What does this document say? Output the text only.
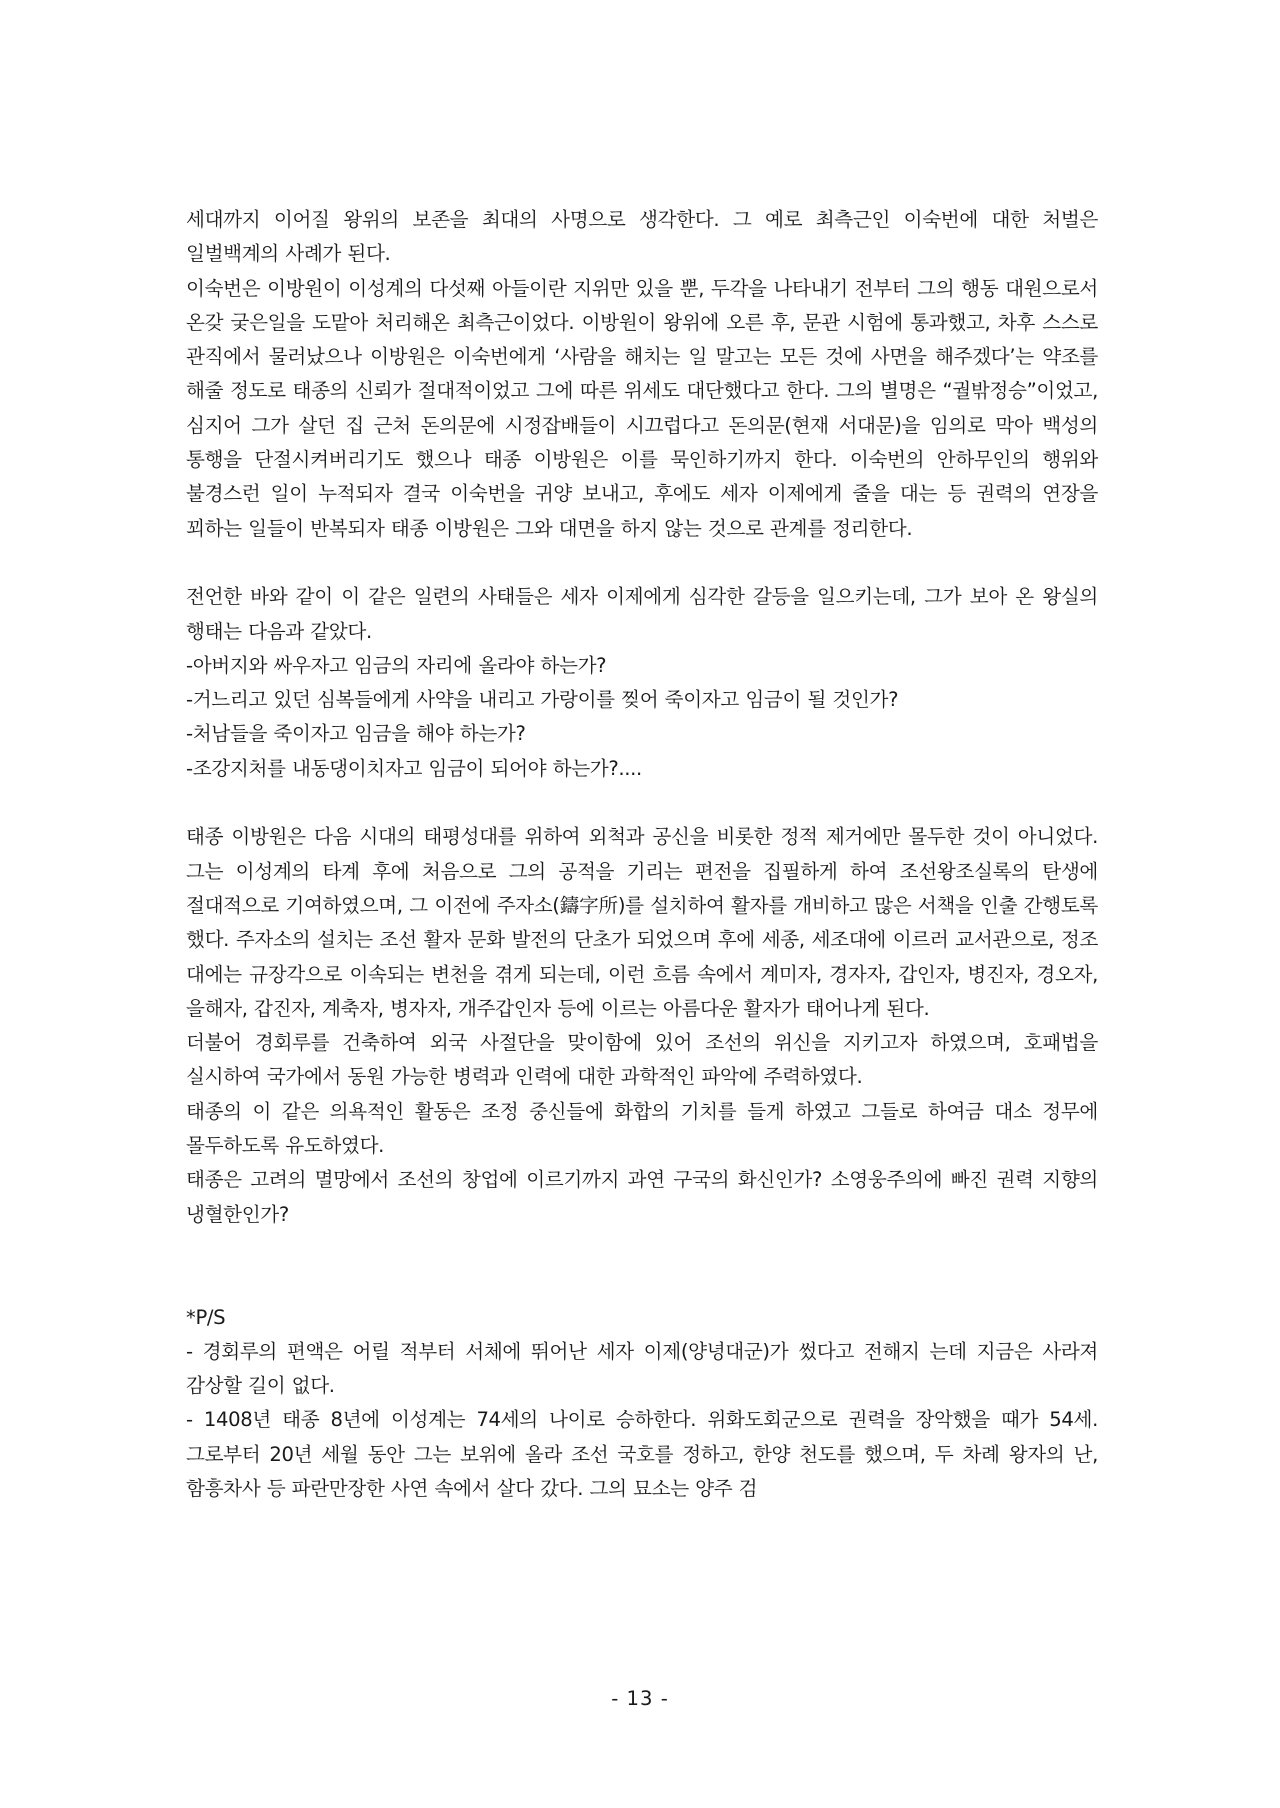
세대까지 이어질 왕위의 보존을 최대의 사명으로 생각한다. 그 예로 최측근인 이숙번에 대한 처벌은 일벌백계의 사례가 된다.

이숙번은 이방원이 이성계의 다섯째 아들이란 지위만 있을 뿐, 두각을 나타내기 전부터 그의 행동 대원으로서 온갖 궂은일을 도맡아 처리해온 최측근이었다. 이방원이 왕위에 오른 후, 문관 시험에 통과했고, 차후 스스로 관직에서 물러났으나 이방원은 이숙번에게 ‘사람을 해치는 일 말고는 모든 것에 사면을 해주겠다’는 약조를 해줄 정도로 태종의 신뢰가 절대적이었고 그에 따른 위세도 대단했다고 한다. 그의 별명은 “궐밖정승”이었고, 심지어 그가 살던 집 근처 돈의문에 시정잡배들이 시끄럽다고 돈의문(현재 서대문)을 임의로 막아 백성의 통행을 단절시켜버리기도 했으나 태종 이방원은 이를 묵인하기까지 한다. 이숙번의 안하무인의 행위와 불경스런 일이 누적되자 결국 이숙번을 귀양 보내고, 후에도 세자 이제에게 줄을 대는 등 권력의 연장을 꾀하는 일들이 반복되자 태종 이방원은 그와 대면을 하지 않는 것으로 관계를 정리한다.

전언한 바와 같이 이 같은 일련의 사태들은 세자 이제에게 심각한 갈등을 일으키는데, 그가 보아 온 왕실의 행태는 다음과 같았다.

-아버지와 싸우자고 임금의 자리에 올라야 하는가?

-거느리고 있던 심복들에게 사약을 내리고 가랑이를 찢어 죽이자고 임금이 될 것인가?

-처남들을 죽이자고 임금을 해야 하는가?

-조강지처를 내동댕이치자고 임금이 되어야 하는가?....

태종 이방원은 다음 시대의 태평성대를 위하여 외척과 공신을 비롯한 정적 제거에만 몰두한 것이 아니었다. 그는 이성계의 타계 후에 처음으로 그의 공적을 기리는 편전을 집필하게 하여 조선왕조실록의 탄생에 절대적으로 기여하였으며, 그 이전에 주자소(鑄字所)를 설치하여 활자를 개비하고 많은 서책을 인출 간행토록 했다. 주자소의 설치는 조선 활자 문화 발전의 단초가 되었으며 후에 세종, 세조대에 이르러 교서관으로, 정조 대에는 규장각으로 이속되는 변천을 겪게 되는데, 이런 흐름 속에서 계미자, 경자자, 갑인자, 병진자, 경오자, 을해자, 갑진자, 계축자, 병자자, 개주갑인자 등에 이르는 아름다운 활자가 태어나게 된다.

더불어 경회루를 건축하여 외국 사절단을 맞이함에 있어 조선의 위신을 지키고자 하였으며, 호패법을 실시하여 국가에서 동원 가능한 병력과 인력에 대한 과학적인 파악에 주력하였다.

태종의 이 같은 의욕적인 활동은 조정 중신들에 화합의 기치를 들게 하였고 그들로 하여금 대소 정무에 몰두하도록 유도하였다.

태종은 고려의 멸망에서 조선의 창업에 이르기까지 과연 구국의 화신인가? 소영웅주의에 빠진 권력 지향의 냉혈한인가?

*P/S

- 경회루의 편액은 어릴 적부터 서체에 뛰어난 세자 이제(양녕대군)가 썼다고 전해지 는데 지금은 사라져 감상할 길이 없다.

- 1408년 태종 8년에 이성계는 74세의 나이로 승하한다. 위화도회군으로 권력을 장악했을 때가 54세. 그로부터 20년 세월 동안 그는 보위에 올라 조선 국호를 정하고, 한양 천도를 했으며, 두 차례 왕자의 난, 함흥차사 등 파란만장한 사연 속에서 살다 갔다. 그의 묘소는 양주 검

- 13 -
